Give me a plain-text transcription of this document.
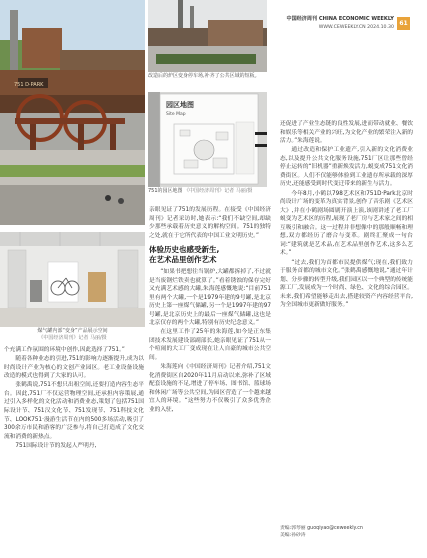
中国经济周刊 CHINA ECONOMIC WEEKLY
WWW.CEWEEKLY.CN 2024.10.30
61
751 D·PARK
改造后的炉区变身停车场,补齐了公共区域的短板。
园区地图
Site Map
751的园区地图 《中国经济周刊》记者 马丽/摄
煤气罐内部“变身”产品展示空间
《中国经济周刊》记者 马丽/摄

个充满工作氛围的环境中创作,因此选择了751。”

随着各种业态的引进,751的影响力逐渐提升,成为以时尚设计产业为核心的文创产业园区。老工业设备设施改造的模式也得到了大家的认可。

张鹤禹说,751不想只出租空间,还要打造内容生态平台。因此,751厂不仅运营物理空间,还承担内容策展,通过引入多样化的文化活动和消费业态,策划了包括751国际设计节、751汉文化节、751发现节、751科技文化节、LOOK751·漫游生活节在内的500多场活动,吸引了300余万市民和游客的广泛参与,将自己打造成了文化交流和消费的新热点。

751国际设计节的发起人严明丹,

亲眼见证了751的发展历程。在接受《中国经济周刊》记者采访时,她表示:“我们不缺空间,却缺少那些承载着历史意义的解构空间。751的独特之处,就在于它所代表的中国工业文明历史。”

体验历史也感受新生,
在艺术品里创作艺术

“如果书把想往当锅炉,大罐都拆掉了,不过就是当废钢烂铁卖也就算了。”看着锈蚀的保存完好又充满艺术感的大罐,朱海莲感慨地说:“目前751里有两个大罐,一个是1979年建的9号罐,是北京历史上第一座煤气储罐,另一个是1997年建的97号罐,是北京历史上的最后一座煤气储罐,这也是北京仅存的两个大罐,特别有历史纪念意义。”

在这里工作了25年的朱海莲,如今是正东集团技术发展建设部副部长,她亲眼见证了751从一个喧闹的大工厂变成现在让人自豪的城市公共空间。

朱海莲向《中国经济周刊》记者介绍,751文化消费街区自2020年11月启动以来,弥补了区域配套设施的不足,增进了停车场、图书馆、篮球场和休闲广场等公共空间,为园区营造了一个越来越宜人的环境。“这些努力不仅吸引了众多优秀企业的入驻,

还促进了产业生态链的良性发展,进而带动就业、餐饮和娱乐等相关产业的兴旺,为文化产业的繁荣注入新的活力。”朱海莲说。

通过改造和保护工业遗产,引入新的文化消费业态,以及提升公共文化服务设施,751厂区让那些曾经停止运转的“旧机器”重新焕发活力,蜕变成751文化消费街区。人们不仅能够体验到工业遗存所承载的深厚历史,还能感受到时代变迁带来的新生与活力。

今年8月,小鹤以798艺术区和751D·Park北京时尚设计广场的变革为真实背景,创作了音乐剧《艺术区大》,并在小鹤剧场圆剧开演上演,该剧讲述了老工厂蜕变为艺术区的历程,展现了老厂房与艺术家之间的相互吸引和融合。这一过程并非想像中的那般顺畅和理想,双方都经历了磨合与变革。剧终汇聚成一句台词:“建筑就是艺术品,在艺术品里创作艺术,这多么艺术。”

“过去,我们为首都市民提供煤气;现在,我们致力于服务首都的城市文化。”张鹤禹感慨地说,“通过年计划、分步骤的转型升级,我们园区以一个典型的传统能源工厂,发展成为一个时尚、绿色、文化的综合园区。未来,我们希望能够走出去,搭建较资产内容经营平台,为全国城市更新做好服务。”

责编:郭琴丽 guoqiyao@ceweekly.cn
美编:孙砂涛
